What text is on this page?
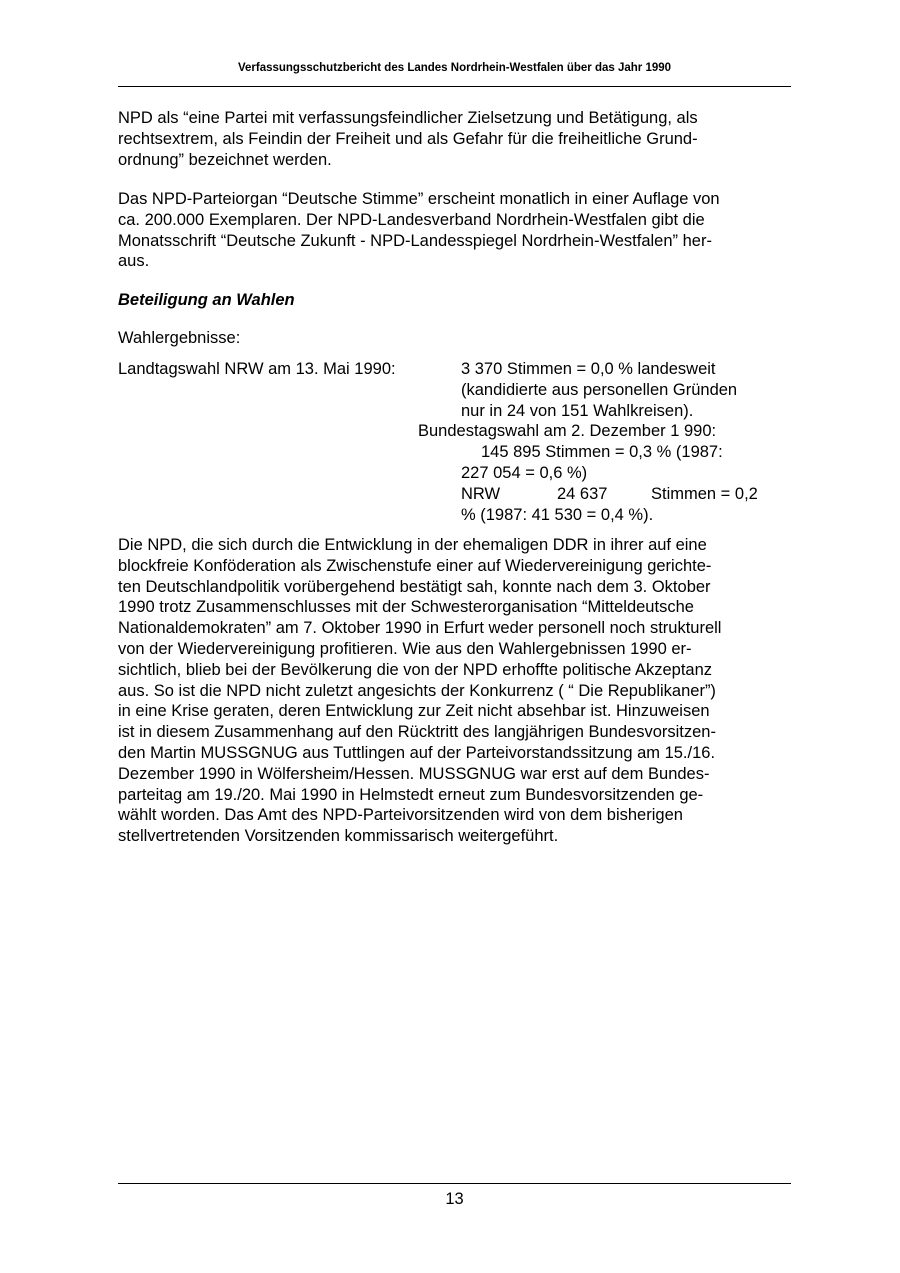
Verfassungsschutzbericht des Landes Nordrhein-Westfalen über das Jahr 1990
NPD als “eine Partei mit verfassungsfeindlicher Zielsetzung und Betätigung, als
rechtsextrem, als Feindin der Freiheit und als Gefahr für die freiheitliche Grund-
ordnung” bezeichnet werden.
Das NPD-Parteiorgan “Deutsche Stimme” erscheint monatlich in einer Auflage von
ca. 200.000 Exemplaren. Der NPD-Landesverband Nordrhein-Westfalen gibt die
Monatsschrift “Deutsche Zukunft - NPD-Landesspiegel Nordrhein-Westfalen” her-
aus.
Beteiligung an Wahlen
Wahlergebnisse:
Landtagswahl NRW am 13. Mai 1990:	3 370 Stimmen = 0,0 % landesweit
(kandidierte aus personellen Gründen
nur in 24 von 151 Wahlkreisen).
Bundestagswahl am 2. Dezember 1 990:
145 895 Stimmen = 0,3 % (1987:
227 054 = 0,6 %)
NRW	24 637	Stimmen = 0,2
% (1987: 41 530 = 0,4 %).
Die NPD, die sich durch die Entwicklung in der ehemaligen DDR in ihrer auf eine
blockfreie Konföderation als Zwischenstufe einer auf Wiedervereinigung gerichte-
ten Deutschlandpolitik vorübergehend bestätigt sah, konnte nach dem 3. Oktober
1990 trotz Zusammenschlusses mit der Schwesterorganisation “Mitteldeutsche
Nationaldemokraten” am 7. Oktober 1990 in Erfurt weder personell noch strukturell
von der Wiedervereinigung profitieren. Wie aus den Wahlergebnissen 1990 er-
sichtlich, blieb bei der Bevölkerung die von der NPD erhoffte politische Akzeptanz
aus. So ist die NPD nicht zuletzt angesichts der Konkurrenz ( “ Die Republikaner”)
in eine Krise geraten, deren Entwicklung zur Zeit nicht absehbar ist. Hinzuweisen
ist in diesem Zusammenhang auf den Rücktritt des langjährigen Bundesvorsitzen-
den Martin MUSSGNUG aus Tuttlingen auf der Parteivorstandssitzung am 15./16.
Dezember 1990 in Wölfersheim/Hessen. MUSSGNUG war erst auf dem Bundes-
parteitag am 19./20. Mai 1990 in Helmstedt erneut zum Bundesvorsitzenden ge-
wählt worden. Das Amt des NPD-Parteivorsitzenden wird von dem bisherigen
stellvertretenden Vorsitzenden kommissarisch weitergeführt.
13
